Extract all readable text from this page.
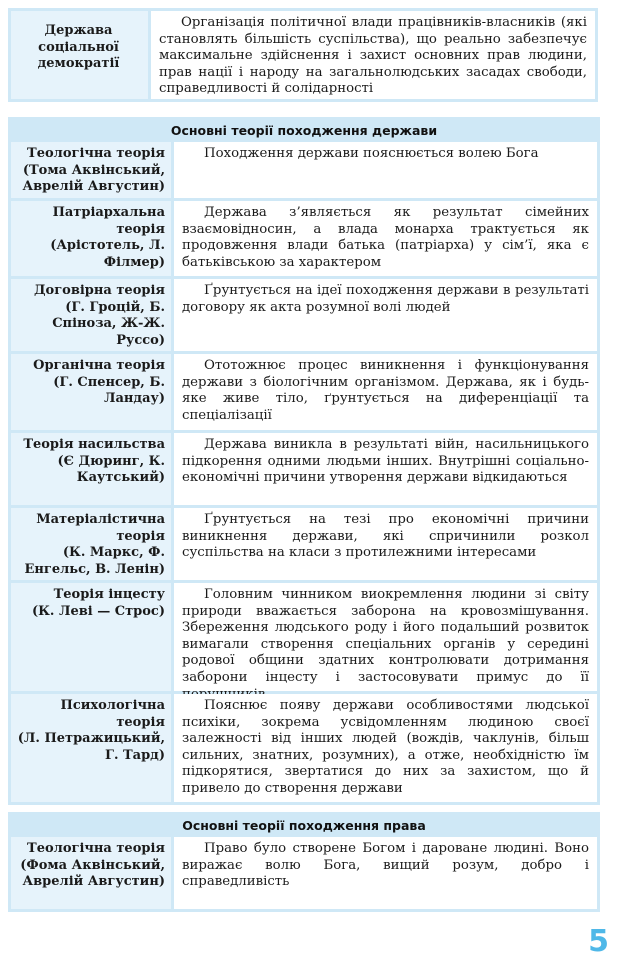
Держава соціальної демократії
Організація політичної влади працівників-власників (які становлять більшість суспільства), що реально забезпечує максимальне здійснення і захист основних прав людини, прав нації і народу на загальнолюдських засадах свободи, справедливості й солідарності
Основні теорії походження держави
Теологічна теорія
(Тома Аквінський, Аврелій Августин)
Походження держави пояснюється волею Бога
Патріархальна теорія
(Арістотель, Л. Філмер)
Держава з’являється як результат сімейних взаємовідносин, а влада монарха трактується як продовження влади батька (патріарха) у сім’ї, яка є батьківською за характером
Договірна теорія
(Г. Гроцій, Б. Спіноза, Ж-Ж. Руссо)
Ґрунтується на ідеї походження держави в результаті договору як акта розумної волі людей
Органічна теорія
(Г. Спенсер, Б. Ландау)
Ототожнює процес виникнення і функціонування держави з біологічним організмом. Держава, як і будь-яке живе тіло, ґрунтується на диференціації та спеціалізації
Теорія насильства
(Є Дюринг, К. Каутський)
Держава виникла в результаті війн, насильницького підкорення одними людьми інших. Внутрішні соціально-економічні причини утворення держави відкидаються
Матеріалістична теорія
(К. Маркс, Ф. Енгельс, В. Ленін)
Ґрунтується на тезі про економічні причини виникнення держави, які спричинили розкол суспільства на класи з протилежними інтересами
Теорія інцесту
(К. Леві — Строс)
Головним чинником виокремлення людини зі світу природи вважається заборона на кровозмішування. Збереження людського роду і його подальший розвиток вимагали створення спеціальних органів у середині родової общини здатних контролювати дотримання заборони інцесту і застосовувати примус до її
Психологічна теорія
(Л. Петражицький, Г. Тард)
Пояснює появу держави особливостями людської психіки, зокрема усвідомленням людиною своєї залежності від інших людей (вождів, чаклунів, більш сильних, знатних, розумних), а отже, необхідністю їм підкорятися, звертатися до них за захистом, що й привело до створення держави
Основні теорії походження права
Теологічна теорія
(Фома Аквінський, Аврелій Августин)
Право було створене Богом і дароване людині. Воно виражає волю Бога, вищий розум, добро і справедливість
5
